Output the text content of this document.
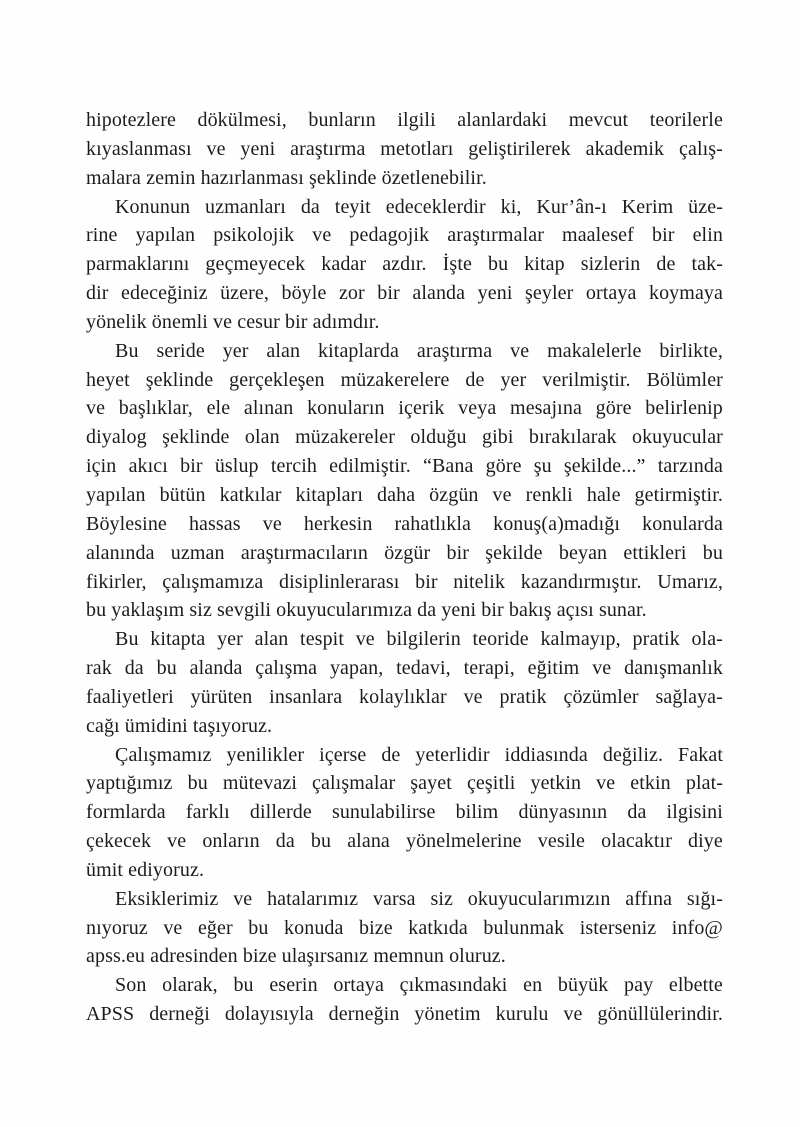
hipotezlere dökülmesi, bunların ilgili alanlardaki mevcut teorilerle
kıyaslanması ve yeni araştırma metotları geliştirilerek akademik çalış-
malara zemin hazırlanması şeklinde özetlenebilir.
Konunun uzmanları da teyit edeceklerdir ki, Kur’ân-ı Kerim üze-
rine yapılan psikolojik ve pedagojik araştırmalar maalesef bir elin
parmaklarını geçmeyecek kadar azdır. İşte bu kitap sizlerin de tak-
dir edeceğiniz üzere, böyle zor bir alanda yeni şeyler ortaya koymaya
yönelik önemli ve cesur bir adımdır.
Bu seride yer alan kitaplarda araştırma ve makalelerle birlikte,
heyet şeklinde gerçekleşen müzakerelere de yer verilmiştir. Bölümler
ve başlıklar, ele alınan konuların içerik veya mesajına göre belirlenip
diyalog şeklinde olan müzakereler olduğu gibi bırakılarak okuyucular
için akıcı bir üslup tercih edilmiştir. “Bana göre şu şekilde...” tarzında
yapılan bütün katkılar kitapları daha özgün ve renkli hale getirmiştir.
Böylesine hassas ve herkesin rahatlıkla konuş(a)madığı konularda
alanında uzman araştırmacıların özgür bir şekilde beyan ettikleri bu
fikirler, çalışmamıza disiplinlerarası bir nitelik kazandırmıştır. Umarız,
bu yaklaşım siz sevgili okuyucularımıza da yeni bir bakış açısı sunar.
Bu kitapta yer alan tespit ve bilgilerin teoride kalmayıp, pratik ola-
rak da bu alanda çalışma yapan, tedavi, terapi, eğitim ve danışmanlık
faaliyetleri yürüten insanlara kolaylıklar ve pratik çözümler sağlaya-
cağı ümidini taşıyoruz.
Çalışmamız yenilikler içerse de yeterlidir iddiasında değiliz. Fakat
yaptığımız bu mütevazi çalışmalar şayet çeşitli yetkin ve etkin plat-
formlarda farklı dillerde sunulabilirse bilim dünyasının da ilgisini
çekecek ve onların da bu alana yönelmelerine vesile olacaktır diye
ümit ediyoruz.
Eksiklerimiz ve hatalarımız varsa siz okuyucularımızın affına sığı-
nıyoruz ve eğer bu konuda bize katkıda bulunmak isterseniz info@
apss.eu adresinden bize ulaşırsanız memnun oluruz.
Son olarak, bu eserin ortaya çıkmasındaki en büyük pay elbette
APSS derneği dolayısıyla derneğin yönetim kurulu ve gönüllülerindir.
